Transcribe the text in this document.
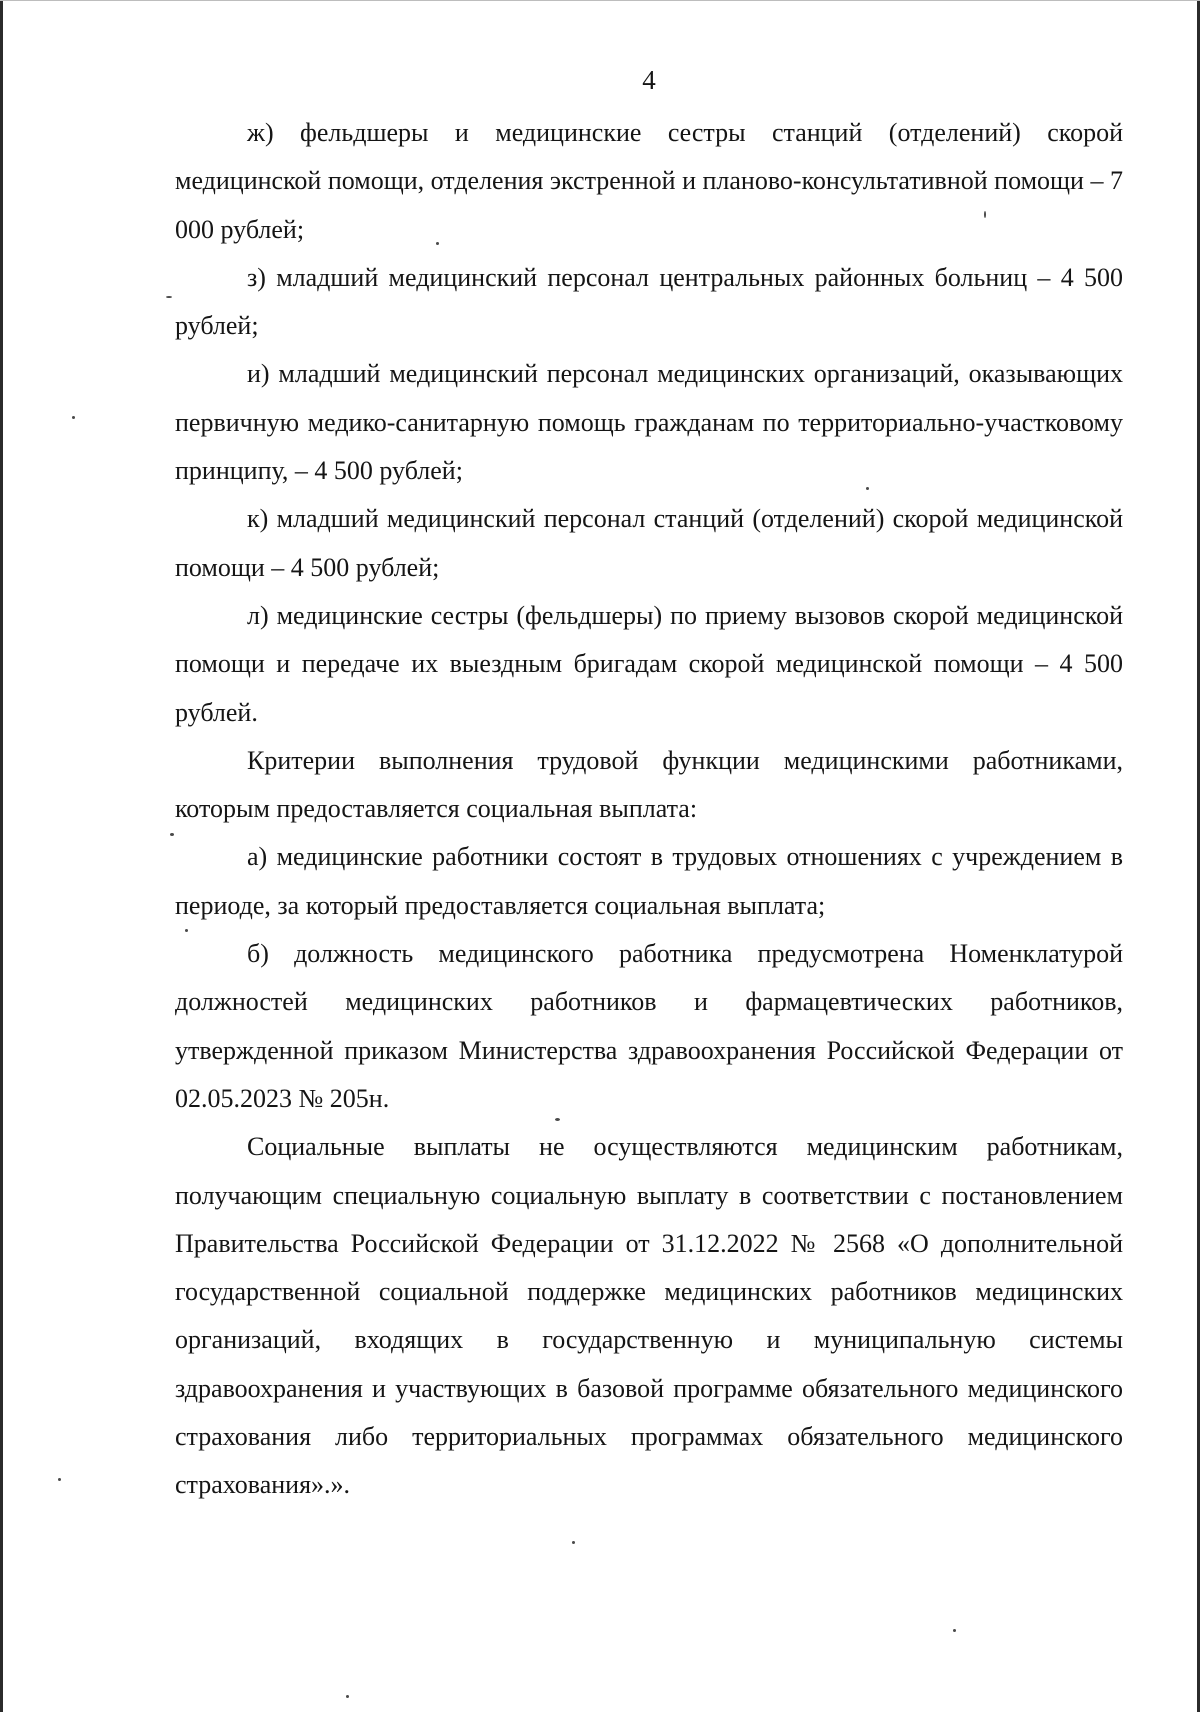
4

ж) фельдшеры и медицинские сестры станций (отделений) скорой медицинской помощи, отделения экстренной и планово-консультативной помощи – 7 000 рублей;

з) младший медицинский персонал центральных районных больниц – 4 500 рублей;

и) младший медицинский персонал медицинских организаций, оказывающих первичную медико-санитарную помощь гражданам по территориально-участковому принципу, – 4 500 рублей;

к) младший медицинский персонал станций (отделений) скорой медицинской помощи – 4 500 рублей;

л) медицинские сестры (фельдшеры) по приему вызовов скорой медицинской помощи и передаче их выездным бригадам скорой медицинской помощи – 4 500 рублей.

Критерии выполнения трудовой функции медицинскими работниками, которым предоставляется социальная выплата:

а) медицинские работники состоят в трудовых отношениях с учреждением в периоде, за который предоставляется социальная выплата;

б) должность медицинского работника предусмотрена Номенклатурой должностей медицинских работников и фармацевтических работников, утвержденной приказом Министерства здравоохранения Российской Федерации от 02.05.2023 № 205н.

Социальные выплаты не осуществляются медицинским работникам, получающим специальную социальную выплату в соответствии с постановлением Правительства Российской Федерации от 31.12.2022 № 2568 «О дополнительной государственной социальной поддержке медицинских работников медицинских организаций, входящих в государственную и муниципальную системы здравоохранения и участвующих в базовой программе обязательного медицинского страхования либо территориальных программах обязательного медицинского страхования».».
